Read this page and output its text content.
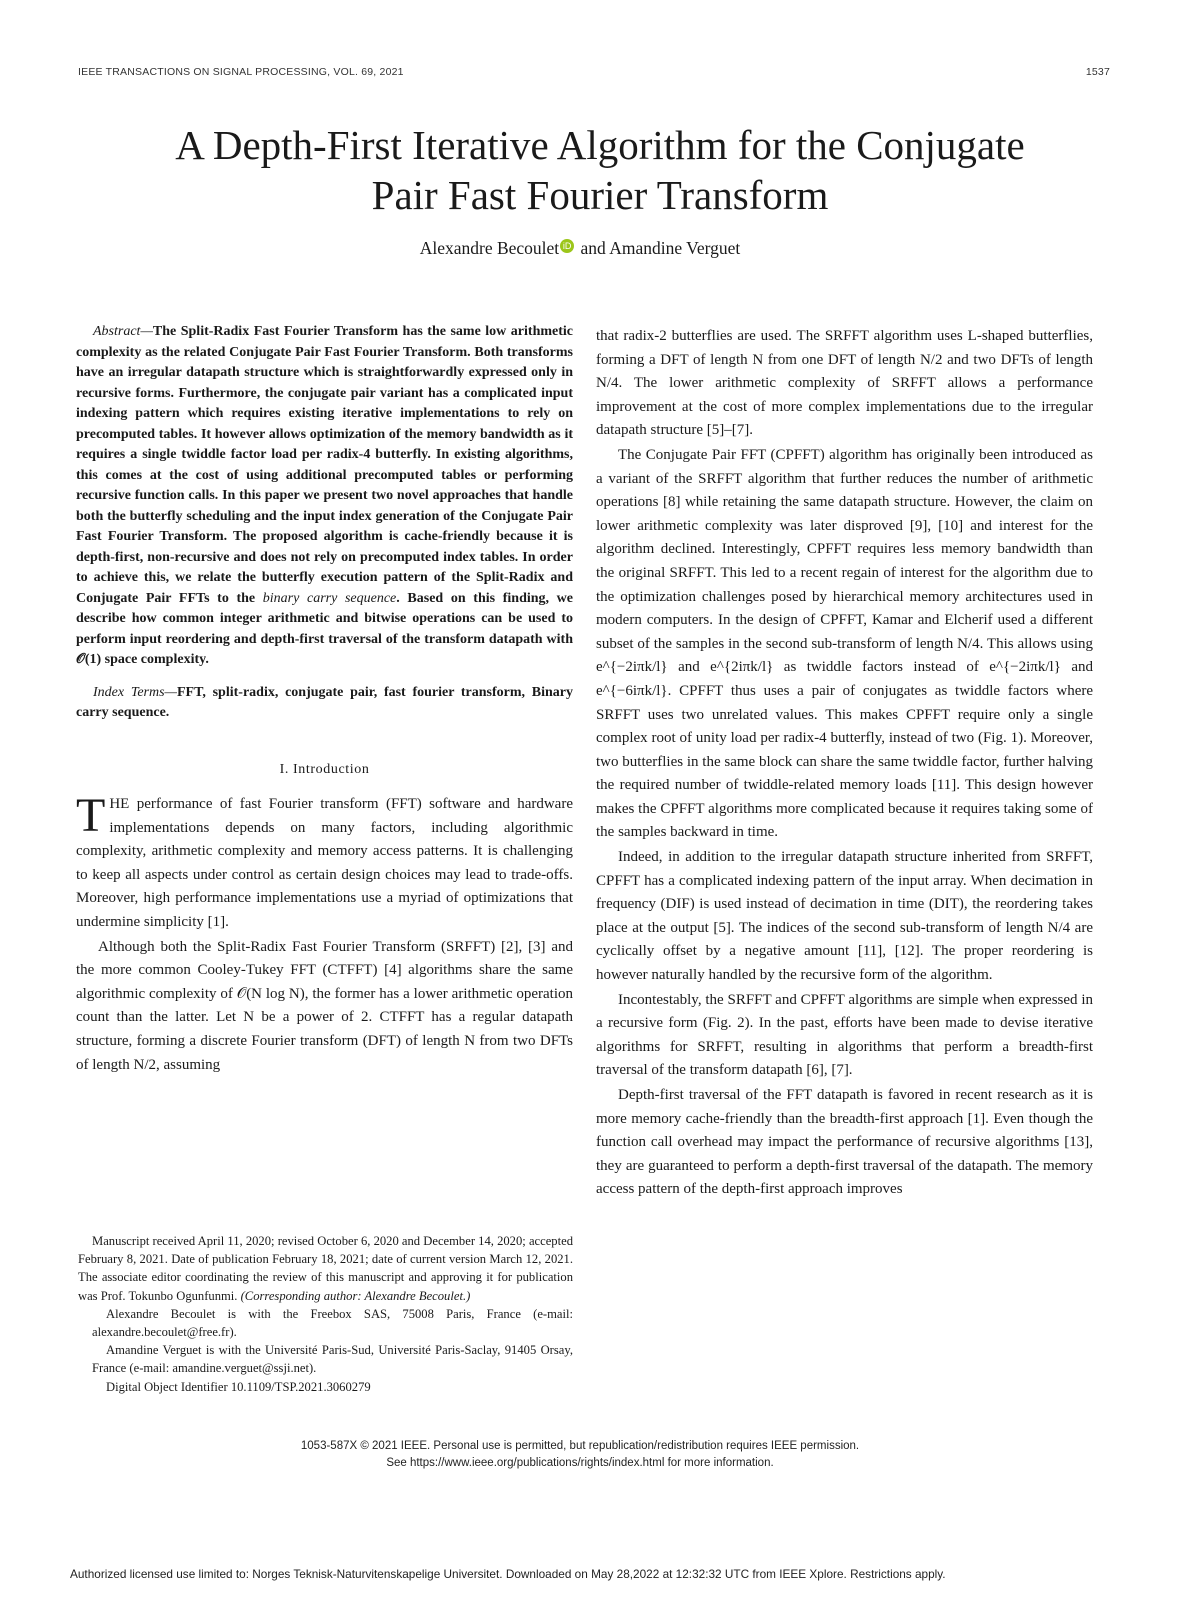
IEEE TRANSACTIONS ON SIGNAL PROCESSING, VOL. 69, 2021	1537
A Depth-First Iterative Algorithm for the Conjugate
Pair Fast Fourier Transform
Alexandre Becoulet iD and Amandine Verguet

Abstract—The Split-Radix Fast Fourier Transform has the same low arithmetic complexity as the related Conjugate Pair Fast Fourier Transform. Both transforms have an irregular datapath structure which is straightforwardly expressed only in recursive forms. Furthermore, the conjugate pair variant has a complicated input indexing pattern which requires existing iterative implementations to rely on precomputed tables. It however allows optimization of the memory bandwidth as it requires a single twiddle factor load per radix-4 butterfly. In existing algorithms, this comes at the cost of using additional precomputed tables or performing recursive function calls. In this paper we present two novel approaches that handle both the butterfly scheduling and the input index generation of the Conjugate Pair Fast Fourier Transform. The proposed algorithm is cache-friendly because it is depth-first, non-recursive and does not rely on precomputed index tables. In order to achieve this, we relate the butterfly execution pattern of the Split-Radix and Conjugate Pair FFTs to the binary carry sequence. Based on this finding, we describe how common integer arithmetic and bitwise operations can be used to perform input reordering and depth-first traversal of the transform datapath with 𝒪(1) space complexity.

Index Terms—FFT, split-radix, conjugate pair, fast fourier transform, Binary carry sequence.

I. Introduction

THE performance of fast Fourier transform (FFT) software and hardware implementations depends on many factors, including algorithmic complexity, arithmetic complexity and memory access patterns. It is challenging to keep all aspects under control as certain design choices may lead to trade-offs. Moreover, high performance implementations use a myriad of optimizations that undermine simplicity [1].

Although both the Split-Radix Fast Fourier Transform (SRFFT) [2], [3] and the more common Cooley-Tukey FFT (CTFFT) [4] algorithms share the same algorithmic complexity of 𝒪(N log N), the former has a lower arithmetic operation count than the latter. Let N be a power of 2. CTFFT has a regular datapath structure, forming a discrete Fourier transform (DFT) of length N from two DFTs of length N/2, assuming

Manuscript received April 11, 2020; revised October 6, 2020 and December 14, 2020; accepted February 8, 2021. Date of publication February 18, 2021; date of current version March 12, 2021. The associate editor coordinating the review of this manuscript and approving it for publication was Prof. Tokunbo Ogunfunmi. (Corresponding author: Alexandre Becoulet.)

Alexandre Becoulet is with the Freebox SAS, 75008 Paris, France (e-mail: alexandre.becoulet@free.fr).

Amandine Verguet is with the Université Paris-Sud, Université Paris-Saclay, 91405 Orsay, France (e-mail: amandine.verguet@ssji.net).

Digital Object Identifier 10.1109/TSP.2021.3060279

that radix-2 butterflies are used. The SRFFT algorithm uses L-shaped butterflies, forming a DFT of length N from one DFT of length N/2 and two DFTs of length N/4. The lower arithmetic complexity of SRFFT allows a performance improvement at the cost of more complex implementations due to the irregular datapath structure [5]–[7].

The Conjugate Pair FFT (CPFFT) algorithm has originally been introduced as a variant of the SRFFT algorithm that further reduces the number of arithmetic operations [8] while retaining the same datapath structure. However, the claim on lower arithmetic complexity was later disproved [9], [10] and interest for the algorithm declined. Interestingly, CPFFT requires less memory bandwidth than the original SRFFT. This led to a recent regain of interest for the algorithm due to the optimization challenges posed by hierarchical memory architectures used in modern computers. In the design of CPFFT, Kamar and Elcherif used a different subset of the samples in the second sub-transform of length N/4. This allows using e^{−2iπk/l} and e^{2iπk/l} as twiddle factors instead of e^{−2iπk/l} and e^{−6iπk/l}. CPFFT thus uses a pair of conjugates as twiddle factors where SRFFT uses two unrelated values. This makes CPFFT require only a single complex root of unity load per radix-4 butterfly, instead of two (Fig. 1). Moreover, two butterflies in the same block can share the same twiddle factor, further halving the required number of twiddle-related memory loads [11]. This design however makes the CPFFT algorithms more complicated because it requires taking some of the samples backward in time.

Indeed, in addition to the irregular datapath structure inherited from SRFFT, CPFFT has a complicated indexing pattern of the input array. When decimation in frequency (DIF) is used instead of decimation in time (DIT), the reordering takes place at the output [5]. The indices of the second sub-transform of length N/4 are cyclically offset by a negative amount [11], [12]. The proper reordering is however naturally handled by the recursive form of the algorithm.

Incontestably, the SRFFT and CPFFT algorithms are simple when expressed in a recursive form (Fig. 2). In the past, efforts have been made to devise iterative algorithms for SRFFT, resulting in algorithms that perform a breadth-first traversal of the transform datapath [6], [7].

Depth-first traversal of the FFT datapath is favored in recent research as it is more memory cache-friendly than the breadth-first approach [1]. Even though the function call overhead may impact the performance of recursive algorithms [13], they are guaranteed to perform a depth-first traversal of the datapath. The memory access pattern of the depth-first approach improves

1053-587X © 2021 IEEE. Personal use is permitted, but republication/redistribution requires IEEE permission.
See https://www.ieee.org/publications/rights/index.html for more information.
Authorized licensed use limited to: Norges Teknisk-Naturvitenskapelige Universitet. Downloaded on May 28,2022 at 12:32:32 UTC from IEEE Xplore. Restrictions apply.
